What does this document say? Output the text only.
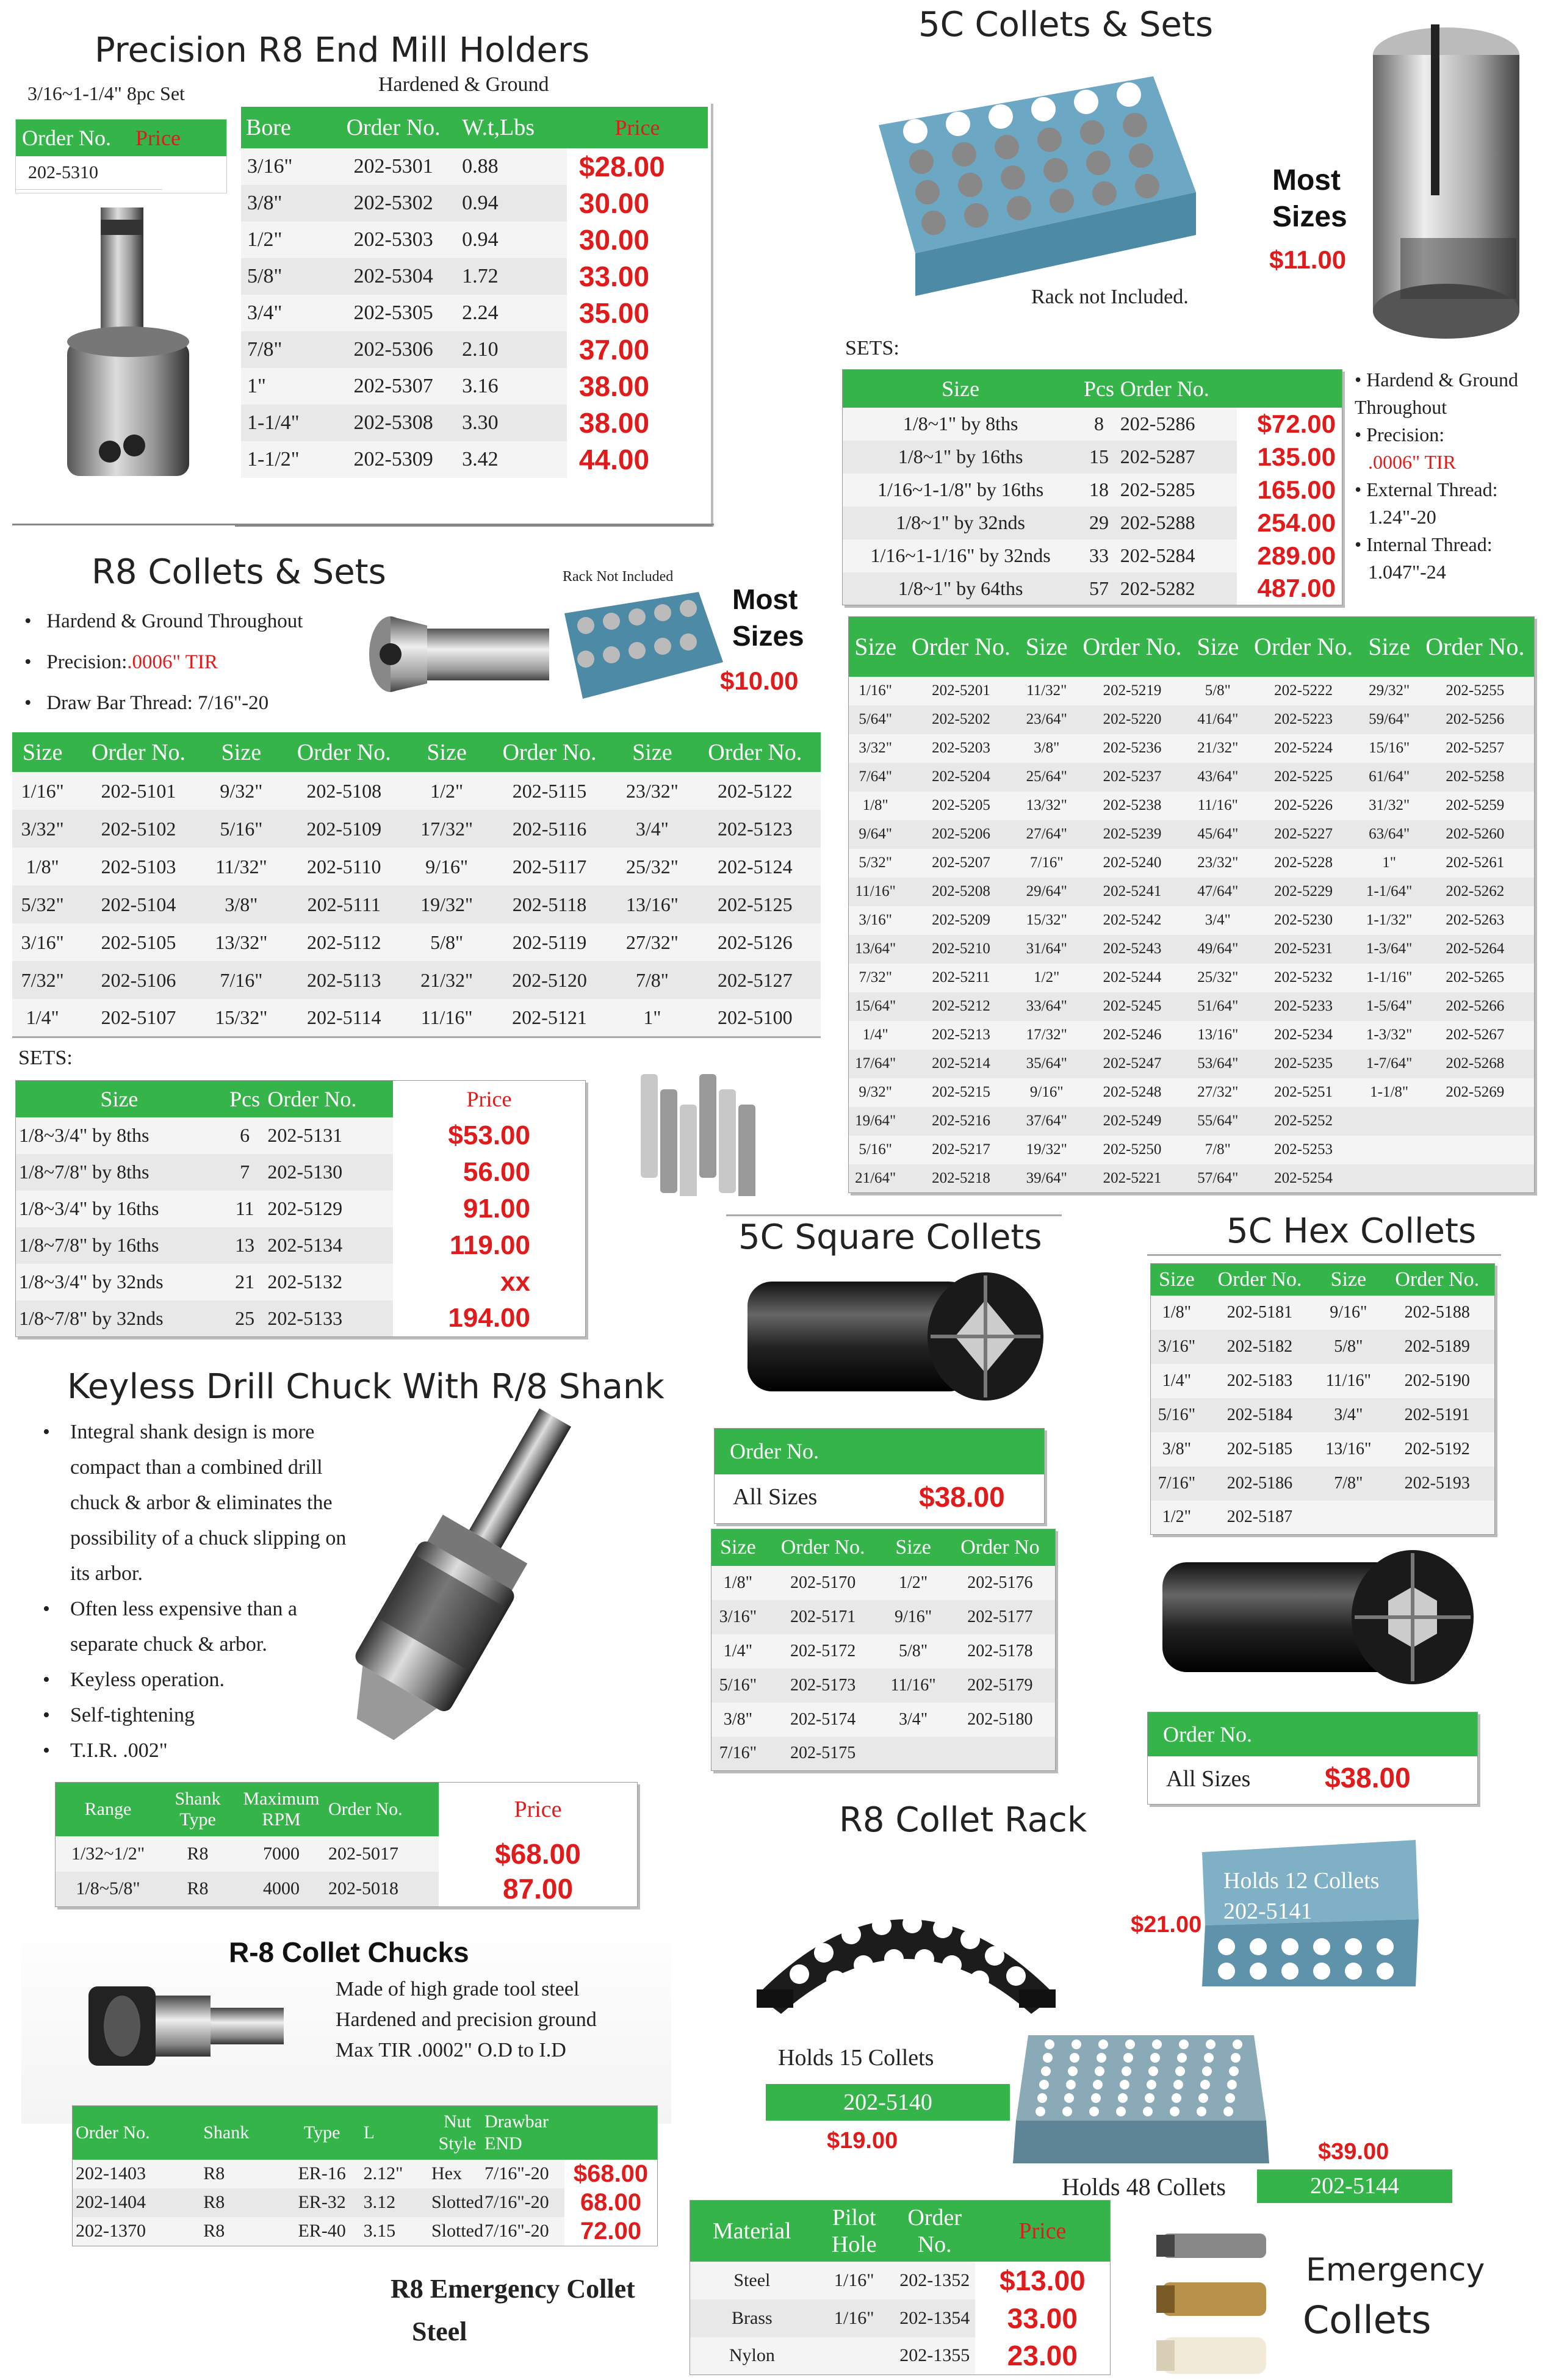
Precision R8 End Mill Holders
Hardened & Ground
3/16~1-1/4" 8pc Set
Order No. Price
202-5310
Bore	Order No.	W.t,Lbs	Price
3/16"	202-5301	0.88	$28.00
3/8"	202-5302	0.94	30.00
1/2"	202-5303	0.94	30.00
5/8"	202-5304	1.72	33.00
3/4"	202-5305	2.24	35.00
7/8"	202-5306	2.10	37.00
1"	202-5307	3.16	38.00
1-1/4"	202-5308	3.30	38.00
1-1/2"	202-5309	3.42	44.00
5C Collets & Sets
Rack not Included.
Most
Sizes
$11.00
SETS:
Size	Pcs	Order No.	
1/8~1" by 8ths	8	202-5286	$72.00
1/8~1" by 16ths	15	202-5287	135.00
1/16~1-1/8" by 16ths	18	202-5285	165.00
1/8~1" by 32nds	29	202-5288	254.00
1/16~1-1/16" by 32nds	33	202-5284	289.00
1/8~1" by 64ths	57	202-5282	487.00
• Hardend & Ground Throughout
• Precision:
.0006" TIR
• External Thread:
1.24"-20
• Internal Thread:
1.047"-24
Size	Order No.	Size	Order No.	Size	Order No.	Size	Order No.
1/16"	202-5201	11/32"	202-5219	5/8"	202-5222	29/32"	202-5255
5/64"	202-5202	23/64"	202-5220	41/64"	202-5223	59/64"	202-5256
3/32"	202-5203	3/8"	202-5236	21/32"	202-5224	15/16"	202-5257
7/64"	202-5204	25/64"	202-5237	43/64"	202-5225	61/64"	202-5258
1/8"	202-5205	13/32"	202-5238	11/16"	202-5226	31/32"	202-5259
9/64"	202-5206	27/64"	202-5239	45/64"	202-5227	63/64"	202-5260
5/32"	202-5207	7/16"	202-5240	23/32"	202-5228	1"	202-5261
11/16"	202-5208	29/64"	202-5241	47/64"	202-5229	1-1/64"	202-5262
3/16"	202-5209	15/32"	202-5242	3/4"	202-5230	1-1/32"	202-5263
13/64"	202-5210	31/64"	202-5243	49/64"	202-5231	1-3/64"	202-5264
7/32"	202-5211	1/2"	202-5244	25/32"	202-5232	1-1/16"	202-5265
15/64"	202-5212	33/64"	202-5245	51/64"	202-5233	1-5/64"	202-5266
1/4"	202-5213	17/32"	202-5246	13/16"	202-5234	1-3/32"	202-5267
17/64"	202-5214	35/64"	202-5247	53/64"	202-5235	1-7/64"	202-5268
9/32"	202-5215	9/16"	202-5248	27/32"	202-5251	1-1/8"	202-5269
19/64"	202-5216	37/64"	202-5249	55/64"	202-5252		
5/16"	202-5217	19/32"	202-5250	7/8"	202-5253		
21/64"	202-5218	39/64"	202-5221	57/64"	202-5254		
R8 Collets & Sets
•   Hardend & Ground Throughout
•   Precision:.0006" TIR
•   Draw Bar Thread: 7/16"-20
Rack Not Included
Most
Sizes
$10.00
Size	Order No.	Size	Order No.	Size	Order No.	Size	Order No.
1/16"	202-5101	9/32"	202-5108	1/2"	202-5115	23/32"	202-5122
3/32"	202-5102	5/16"	202-5109	17/32"	202-5116	3/4"	202-5123
1/8"	202-5103	11/32"	202-5110	9/16"	202-5117	25/32"	202-5124
5/32"	202-5104	3/8"	202-5111	19/32"	202-5118	13/16"	202-5125
3/16"	202-5105	13/32"	202-5112	5/8"	202-5119	27/32"	202-5126
7/32"	202-5106	7/16"	202-5113	21/32"	202-5120	7/8"	202-5127
1/4"	202-5107	15/32"	202-5114	11/16"	202-5121	1"	202-5100
SETS:
Size	Pcs	Order No.	Price
1/8~3/4" by 8ths	6	202-5131	$53.00
1/8~7/8" by 8ths	7	202-5130	56.00
1/8~3/4" by 16ths	11	202-5129	91.00
1/8~7/8" by 16ths	13	202-5134	119.00
1/8~3/4" by 32nds	21	202-5132	xx
1/8~7/8" by 32nds	25	202-5133	194.00
5C Square Collets
Order No.
All Sizes	$38.00
Size	Order No.	Size	Order No
1/8"	202-5170	1/2"	202-5176
3/16"	202-5171	9/16"	202-5177
1/4"	202-5172	5/8"	202-5178
5/16"	202-5173	11/16"	202-5179
3/8"	202-5174	3/4"	202-5180
7/16"	202-5175		
5C Hex Collets
Size	Order No.	Size	Order No.
1/8"	202-5181	9/16"	202-5188
3/16"	202-5182	5/8"	202-5189
1/4"	202-5183	11/16"	202-5190
5/16"	202-5184	3/4"	202-5191
3/8"	202-5185	13/16"	202-5192
7/16"	202-5186	7/8"	202-5193
1/2"	202-5187		
Order No.
All Sizes	$38.00
Keyless Drill Chuck With R/8 Shank
• Integral shank design is more compact than a combined drill chuck & arbor & eliminates the possibility of a chuck slipping on its arbor.
• Often less expensive than a separate chuck & arbor.
• Keyless operation.
• Self-tightening
• T.I.R. .002"
Range	Shank Type	Maximum RPM	Order No.	Price
1/32~1/2"	R8	7000	202-5017	$68.00
1/8~5/8"	R8	4000	202-5018	87.00
R8 Collet Rack
Holds 15 Collets
202-5140
$19.00
Holds 12 Collets
202-5141
$21.00
Holds 48 Collets	202-5144
$39.00
R-8 Collet Chucks
Made of high grade tool steel
Hardened and precision ground
Max TIR .0002" O.D to I.D
Order No.	Shank	Type	L	Nut Style	Drawbar END	
202-1403	R8	ER-16	2.12"	Hex	7/16"-20	$68.00
202-1404	R8	ER-32	3.12	Slotted	7/16"-20	68.00
202-1370	R8	ER-40	3.15	Slotted	7/16"-20	72.00
R8 Emergency Collet
Steel
Material	Pilot Hole	Order No.	Price
Steel	1/16"	202-1352	$13.00
Brass	1/16"	202-1354	33.00
Nylon		202-1355	23.00
Emergency
Collets
